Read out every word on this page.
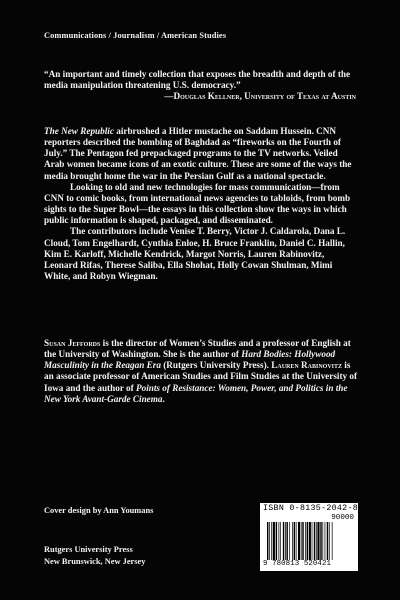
Communications / Journalism / American Studies

“An important and timely collection that exposes the breadth and depth of the media manipulation threatening U.S. democracy.”

—Douglas Kellner, University of Texas at Austin

The New Republic airbrushed a Hitler mustache on Saddam Hussein. CNN reporters described the bombing of Baghdad as “fireworks on the Fourth of July.” The Pentagon fed prepackaged programs to the TV networks. Veiled Arab women became icons of an exotic culture. These are some of the ways the media brought home the war in the Persian Gulf as a national spectacle.

Looking to old and new technologies for mass communication—from CNN to comic books, from international news agencies to tabloids, from bomb sights to the Super Bowl—the essays in this collection show the ways in which public information is shaped, packaged, and disseminated.

The contributors include Venise T. Berry, Victor J. Caldarola, Dana L. Cloud, Tom Engelhardt, Cynthia Enloe, H. Bruce Franklin, Daniel C. Hallin, Kim E. Karloff, Michelle Kendrick, Margot Norris, Lauren Rabinovitz, Leonard Rifas, Therese Saliba, Ella Shohat, Holly Cowan Shulman, Mimi White, and Robyn Wiegman.

Susan Jeffords is the director of Women’s Studies and a professor of English at the University of Washington. She is the author of Hard Bodies: Hollywood Masculinity in the Reagan Era (Rutgers University Press). Lauren Rabinovitz is an associate professor of American Studies and Film Studies at the University of Iowa and the author of Points of Resistance: Women, Power, and Politics in the New York Avant-Garde Cinema.

Cover design by Ann Youmans
Rutgers University Press
New Brunswick, New Jersey
ISBN 0-8135-2042-8
90000
9 780813 520421
